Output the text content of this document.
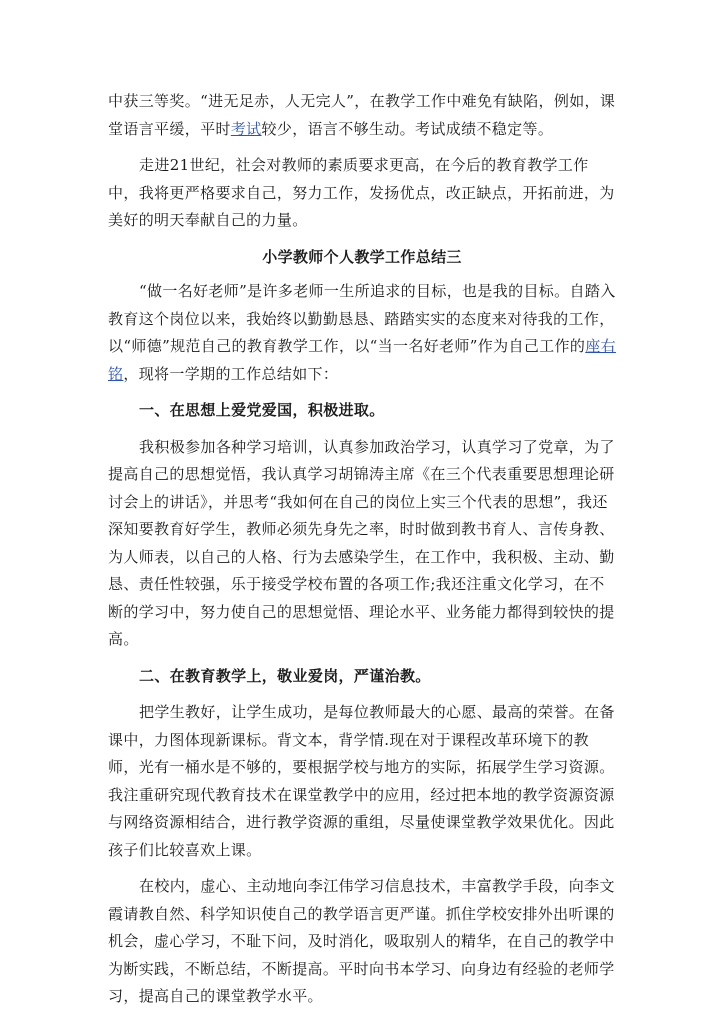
中获三等奖。“进无足赤，人无完人”，在教学工作中难免有缺陷，例如，课堂语言平缓，平时考试较少，语言不够生动。考试成绩不稳定等。

走进21世纪，社会对教师的素质要求更高，在今后的教育教学工作中，我将更严格要求自己，努力工作，发扬优点，改正缺点，开拓前进，为美好的明天奉献自己的力量。

小学教师个人教学工作总结三

“做一名好老师”是许多老师一生所追求的目标，也是我的目标。自踏入教育这个岗位以来，我始终以勤勤恳恳、踏踏实实的态度来对待我的工作，以“师德”规范自己的教育教学工作，以“当一名好老师”作为自己工作的座右铭，现将一学期的工作总结如下：

一、在思想上爱党爱国，积极进取。

我积极参加各种学习培训，认真参加政治学习，认真学习了党章，为了提高自己的思想觉悟，我认真学习胡锦涛主席《在三个代表重要思想理论研讨会上的讲话》，并思考“我如何在自己的岗位上实三个代表的思想”，我还深知要教育好学生，教师必须先身先之率，时时做到教书育人、言传身教、为人师表，以自己的人格、行为去感染学生，在工作中，我积极、主动、勤恳、责任性较强，乐于接受学校布置的各项工作;我还注重文化学习，在不断的学习中，努力使自己的思想觉悟、理论水平、业务能力都得到较快的提高。

二、在教育教学上，敬业爱岗，严谨治教。

把学生教好，让学生成功，是每位教师最大的心愿、最高的荣誉。在备课中，力图体现新课标。背文本，背学情.现在对于课程改革环境下的教师，光有一桶水是不够的，要根据学校与地方的实际，拓展学生学习资源。我注重研究现代教育技术在课堂教学中的应用，经过把本地的教学资源资源与网络资源相结合，进行教学资源的重组，尽量使课堂教学效果优化。因此孩子们比较喜欢上课。

在校内，虚心、主动地向李江伟学习信息技术，丰富教学手段，向李文霞请教自然、科学知识使自己的教学语言更严谨。抓住学校安排外出听课的机会，虚心学习，不耻下问，及时消化，吸取别人的精华，在自己的教学中为断实践，不断总结，不断提高。平时向书本学习、向身边有经验的老师学习，提高自己的课堂教学水平。
